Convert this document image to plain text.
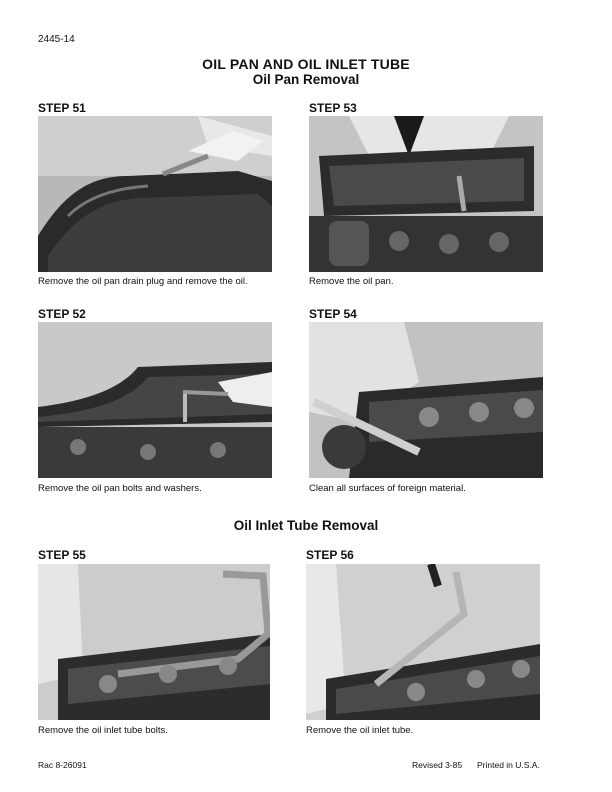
2445-14
OIL PAN AND OIL INLET TUBE
Oil Pan Removal
STEP 51
Remove the oil pan drain plug and remove the oil.
STEP 53
Remove the oil pan.
STEP 52
Remove the oil pan bolts and washers.
STEP 54
Clean all surfaces of foreign material.
Oil Inlet Tube Removal
STEP 55
Remove the oil inlet tube bolts.
STEP 56
Remove the oil inlet tube.
Rac 8-26091	Revised 3-85 Printed in U.S.A.
